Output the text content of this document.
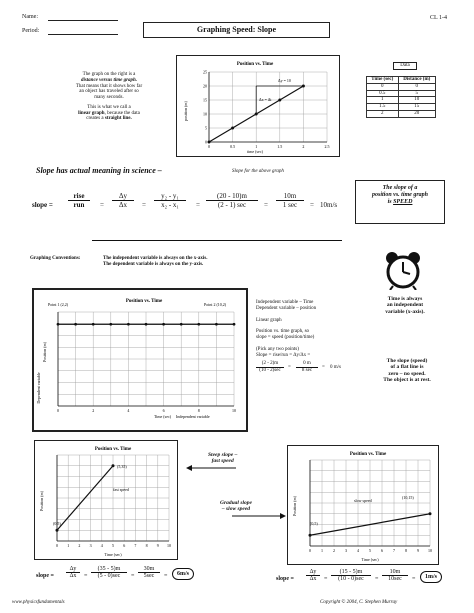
Name:
Period:	Graphing Speed: Slope
CL 1-4
The graph on the right is a
distance versus time graph.
That means that it shows how far
an object has traveled after so
many seconds.
This is what we call a
linear graph, because the data
creates a straight line.
Position vs. Time
0	0.5	1	1.5	2	2.5
0
5
10
15
20
25
time (sec)
position (m)
Δx = Δt
Δy = 10
Data
Time (sec)	Distance (m)
0	0
0.5	5
1	10
1.5	15
2	20
Slope has actual meaning in science –	Slope for the above graph
slope =
rise
run	=
Δy
Δx	=
y₂ - y₁
x₂ - x₁	=
(20 - 10)m
(2 - 1) sec	=
10m
1 sec	= 10m/s
The slope of a
position vs. time graph
is SPEED
Graphing Conventions:	The independent variable is always on the x-axis.
The dependent variable is always on the y-axis.
Time is always
an independent
variable (x-axis).
Position vs. Time
0	2	4	6	8	10
Point 1 (2,2)	Point 2 (10,2)
Time (sec) Independent variable
Position (m)
Dependent variable
Independent variable – Time
Dependent variable – position
Linear graph
Position vs. time graph, so
slope = speed (position/time)
(Pick any two points)
Slope = rise/run = Δy/Δx =
(2 - 2)m
(10 - 2)sec
=
0 m
8 sec
= 0 m/s
The slope (speed)
of a flat line is
zero – no speed.
The object is at rest.
Position vs. Time
0 1 2 3 4 5 6 7 8 9 10
(0,5)
(5,35)
fast speed
Time (sec)
Position (m)
Steep slope –
fast speed
Gradual slope
– slow speed
Position vs. Time
0	1	2	3	4	5	6	7	8	9 10
(0,5)
(10,15)
slow speed
Time (sec)
Position (m)
slope =
Δy
Δx	=
(35 - 5)m
(5 - 0)sec	=
30m
5sec	=	6m/s
slope =
Δy
Δx	=
(15 - 5)m
(10 - 0)sec	=
10m
10sec	=	1m/s
www.physicsfundamentals	Copyright © 2004, C. Stephen Murray
